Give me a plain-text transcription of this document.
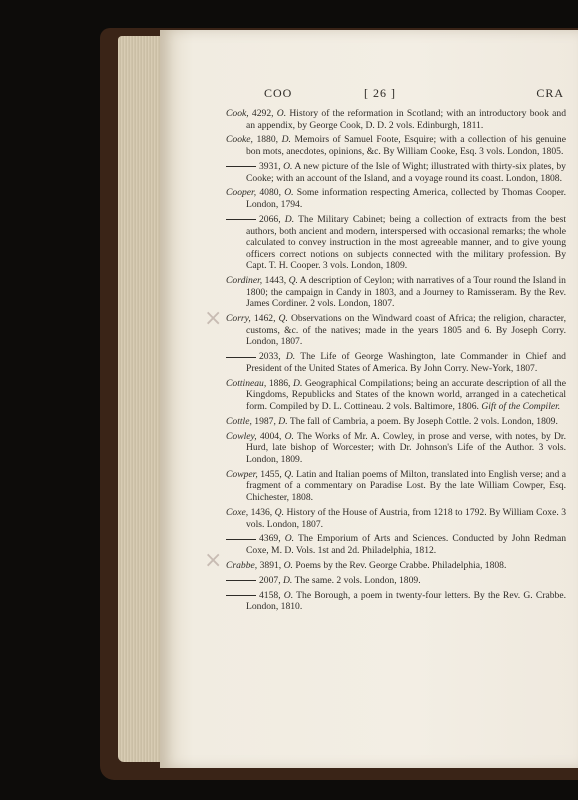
COO	[ 26 ]	CRA
Cook, 4292, O. History of the reformation in Scotland; with an introductory book and an appendix, by George Cook, D. D. 2 vols. Edinburgh, 1811.
Cooke, 1880, D. Memoirs of Samuel Foote, Esquire; with a collection of his genuine bon mots, anecdotes, opinions, &c. By William Cooke, Esq. 3 vols. London, 1805.
3931, O. A new picture of the Isle of Wight; illustrated with thirty-six plates, by Cooke; with an account of the Island, and a voyage round its coast. London, 1808.
Cooper, 4080, O. Some information respecting America, collected by Thomas Cooper. London, 1794.
2066, D. The Military Cabinet; being a collection of extracts from the best authors, both ancient and modern, interspersed with occasional remarks; the whole calculated to convey instruction in the most agreeable manner, and to give young officers correct notions on subjects connected with the military profession. By Capt. T. H. Cooper. 3 vols. London, 1809.
Cordiner, 1443, Q. A description of Ceylon; with narratives of a Tour round the Island in 1800; the campaign in Candy in 1803, and a Journey to Ramisseram. By the Rev. James Cordiner. 2 vols. London, 1807.
Corry, 1462, Q. Observations on the Windward coast of Africa; the religion, character, customs, &c. of the natives; made in the years 1805 and 6. By Joseph Corry. London, 1807.
2033, D. The Life of George Washington, late Commander in Chief and President of the United States of America. By John Corry. New-York, 1807.
Cottineau, 1886, D. Geographical Compilations; being an accurate description of all the Kingdoms, Republicks and States of the known world, arranged in a catechetical form. Compiled by D. L. Cottineau. 2 vols. Baltimore, 1806. Gift of the Compiler.
Cottle, 1987, D. The fall of Cambria, a poem. By Joseph Cottle. 2 vols. London, 1809.
Cowley, 4004, O. The Works of Mr. A. Cowley, in prose and verse, with notes, by Dr. Hurd, late bishop of Worcester; with Dr. Johnson's Life of the Author. 3 vols. London, 1809.
Cowper, 1455, Q. Latin and Italian poems of Milton, translated into English verse; and a fragment of a commentary on Paradise Lost. By the late William Cowper, Esq. Chichester, 1808.
Coxe, 1436, Q. History of the House of Austria, from 1218 to 1792. By William Coxe. 3 vols. London, 1807.
4369, O. The Emporium of Arts and Sciences. Conducted by John Redman Coxe, M. D. Vols. 1st and 2d. Philadelphia, 1812.
Crabbe, 3891, O. Poems by the Rev. George Crabbe. Philadelphia, 1808.
2007, D. The same. 2 vols. London, 1809.
4158, O. The Borough, a poem in twenty-four letters. By the Rev. G. Crabbe. London, 1810.
×
×
